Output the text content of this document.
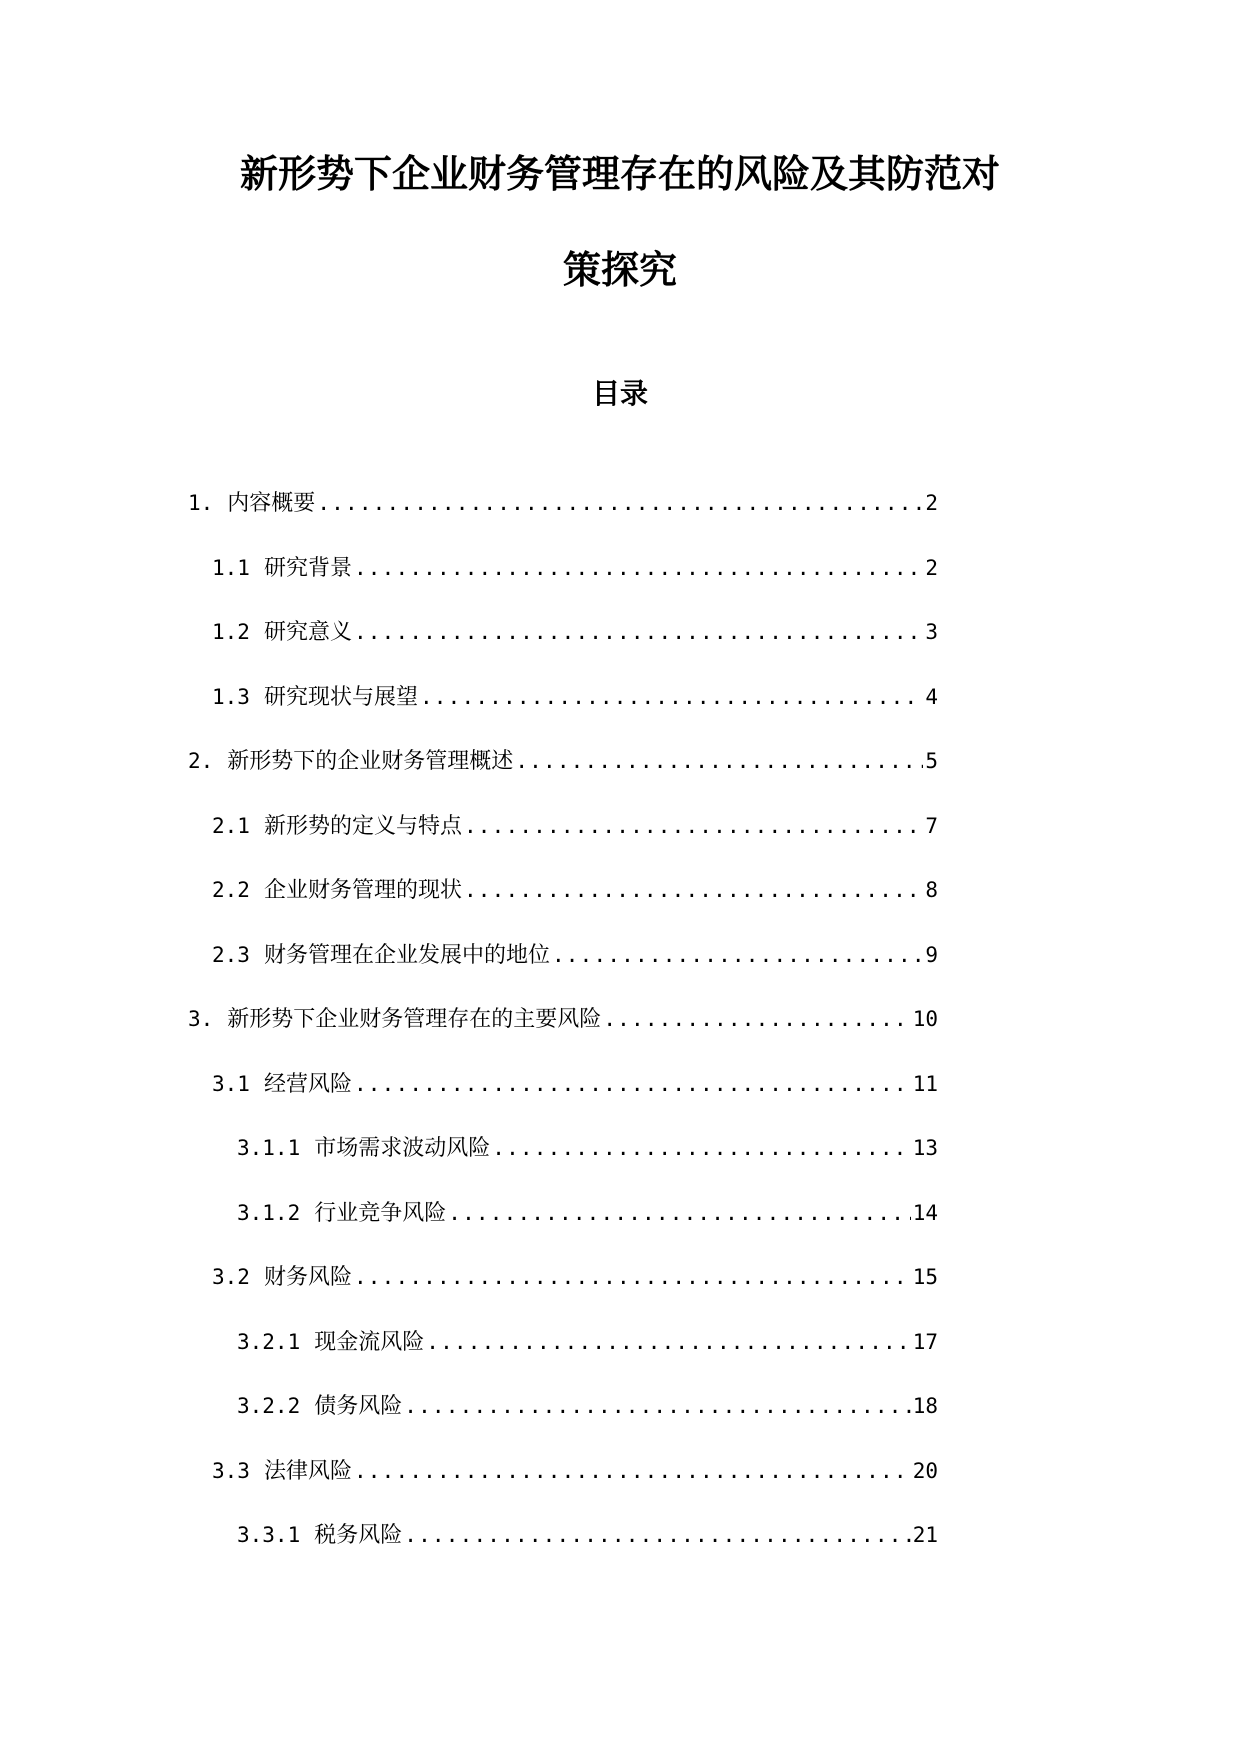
新形势下企业财务管理存在的风险及其防范对
策探究
目录
1. 内容概要 .....	2
1.1 研究背景 .....	2
1.2 研究意义 .....	3
1.3 研究现状与展望 .....	4
2. 新形势下的企业财务管理概述 .....	5
2.1 新形势的定义与特点 .....	7
2.2 企业财务管理的现状 .....	8
2.3 财务管理在企业发展中的地位 .....	9
3. 新形势下企业财务管理存在的主要风险 .....	10
3.1 经营风险 .....	11
3.1.1 市场需求波动风险 .....	13
3.1.2 行业竞争风险 .....	14
3.2 财务风险 .....	15
3.2.1 现金流风险 .....	17
3.2.2 债务风险 .....	18
3.3 法律风险 .....	20
3.3.1 税务风险 .....	21
